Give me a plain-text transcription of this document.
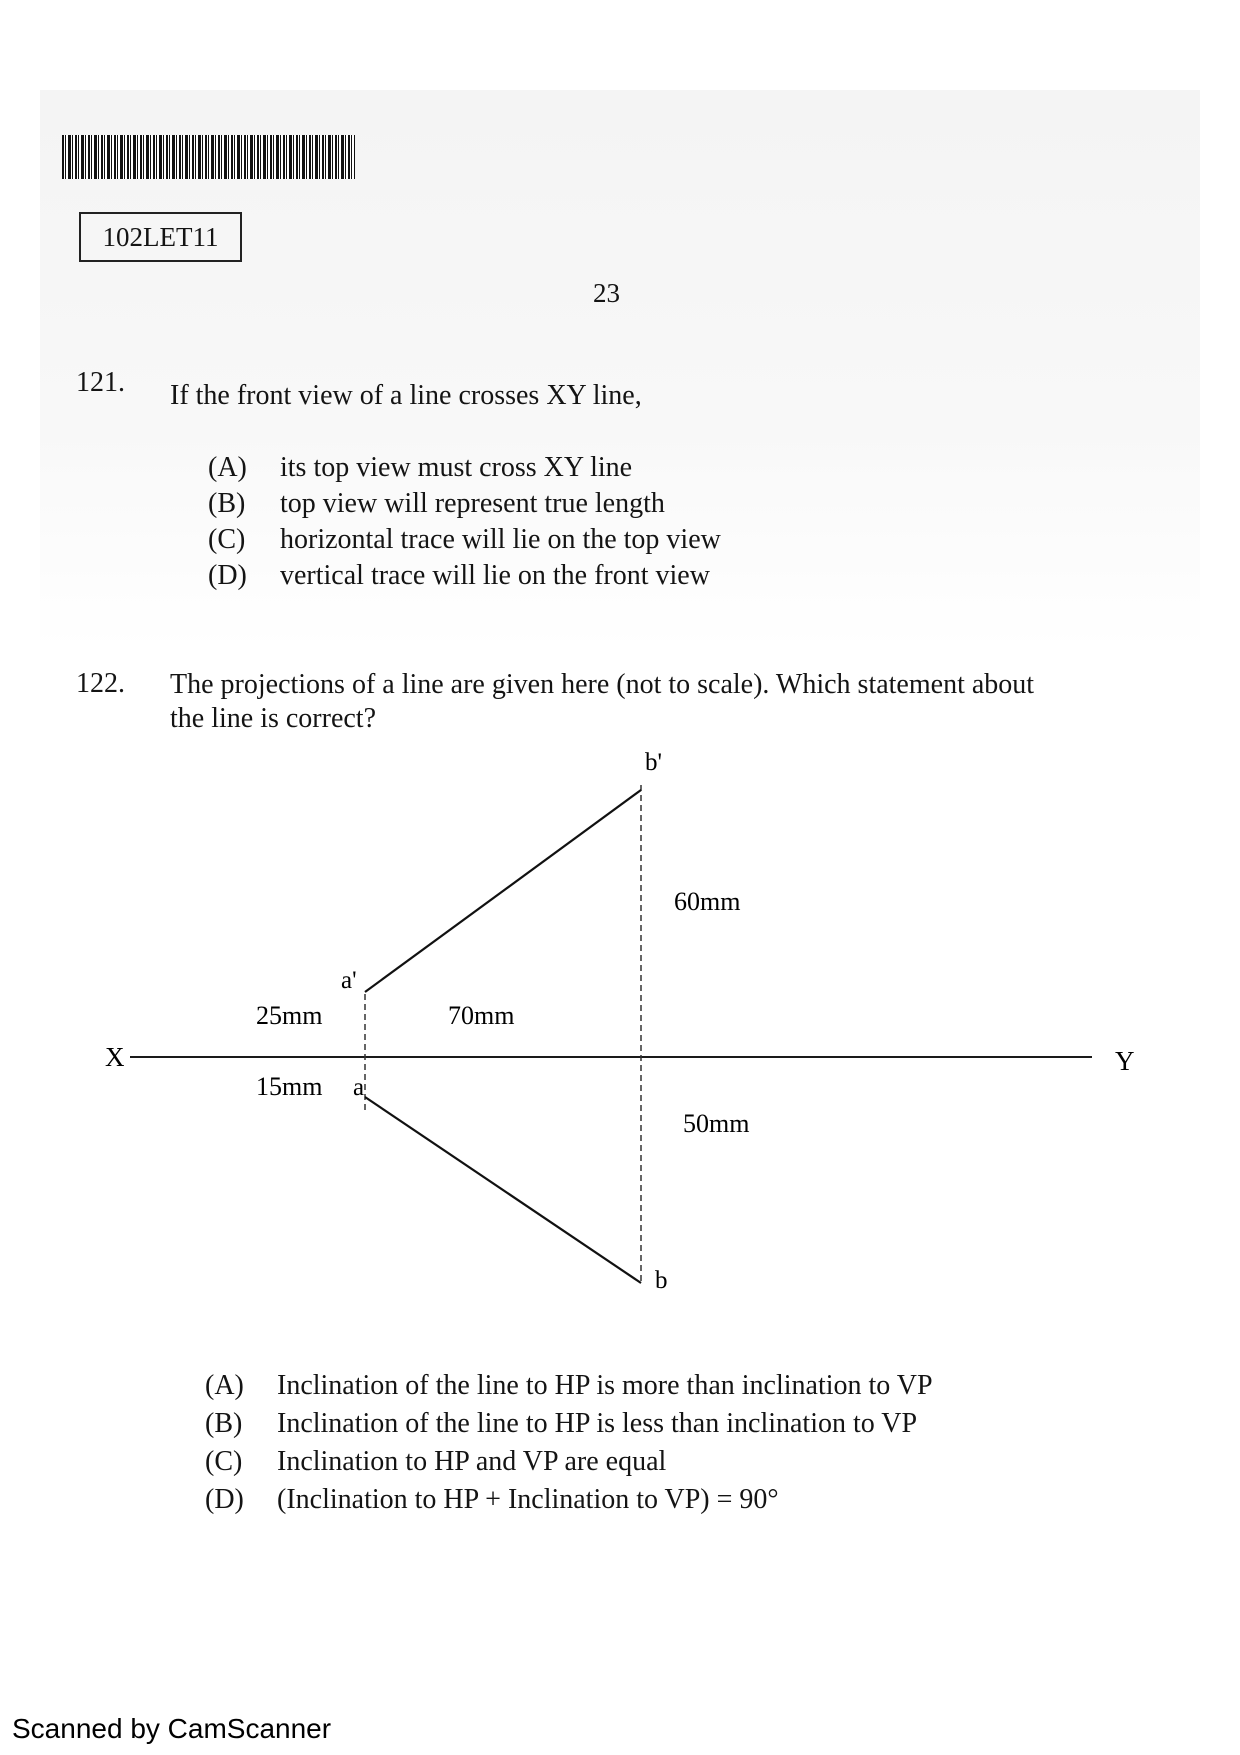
102LET11
23
121. If the front view of a line crosses XY line,
(A) its top view must cross XY line
(B) top view will represent true length
(C) horizontal trace will lie on the top view
(D) vertical trace will lie on the front view
122. The projections of a line are given here (not to scale). Which statement about
the line is correct?
b'
a'
a
b
X	Y
60mm
25mm	70mm
15mm
50mm
(A) Inclination of the line to HP is more than inclination to VP
(B) Inclination of the line to HP is less than inclination to VP
(C) Inclination to HP and VP are equal
(D) (Inclination to HP + Inclination to VP) = 90°
Scanned by CamScanner
